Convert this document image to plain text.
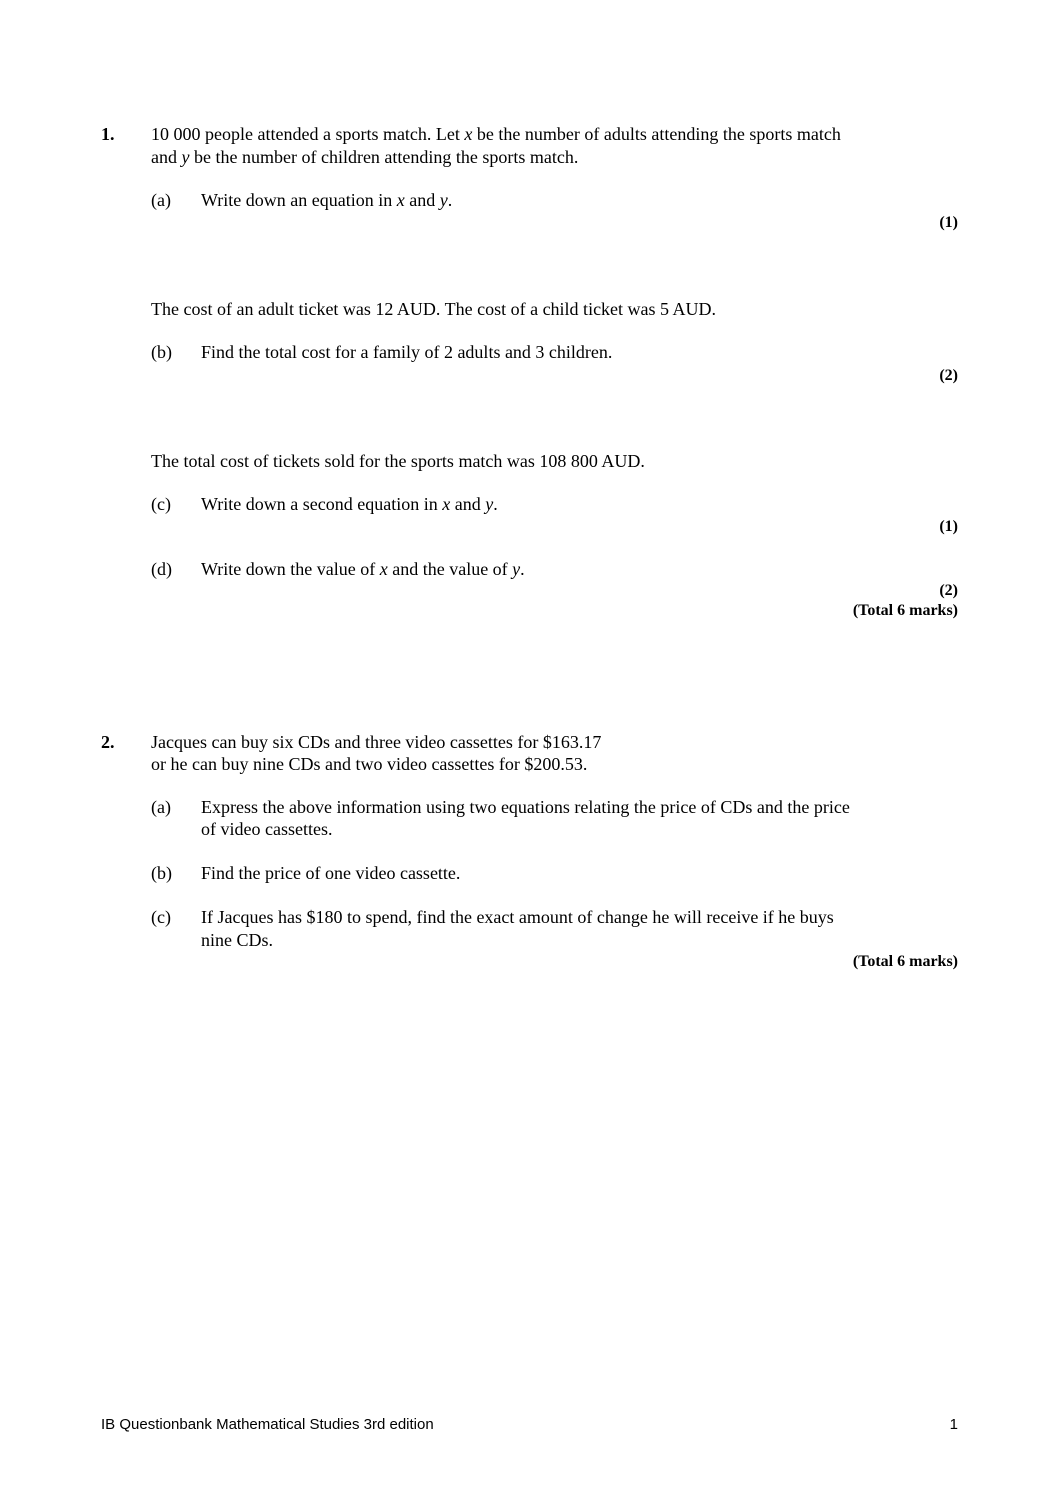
1. 10 000 people attended a sports match. Let x be the number of adults attending the sports match
and y be the number of children attending the sports match.
(a) Write down an equation in x and y.
(1)
The cost of an adult ticket was 12 AUD. The cost of a child ticket was 5 AUD.
(b) Find the total cost for a family of 2 adults and 3 children.
(2)
The total cost of tickets sold for the sports match was 108 800 AUD.
(c) Write down a second equation in x and y.
(1)
(d) Write down the value of x and the value of y.
(2)
(Total 6 marks)
2. Jacques can buy six CDs and three video cassettes for $163.17
or he can buy nine CDs and two video cassettes for $200.53.
(a) Express the above information using two equations relating the price of CDs and the price
of video cassettes.
(b) Find the price of one video cassette.
(c) If Jacques has $180 to spend, find the exact amount of change he will receive if he buys
nine CDs.
(Total 6 marks)
IB Questionbank Mathematical Studies 3rd edition	1
